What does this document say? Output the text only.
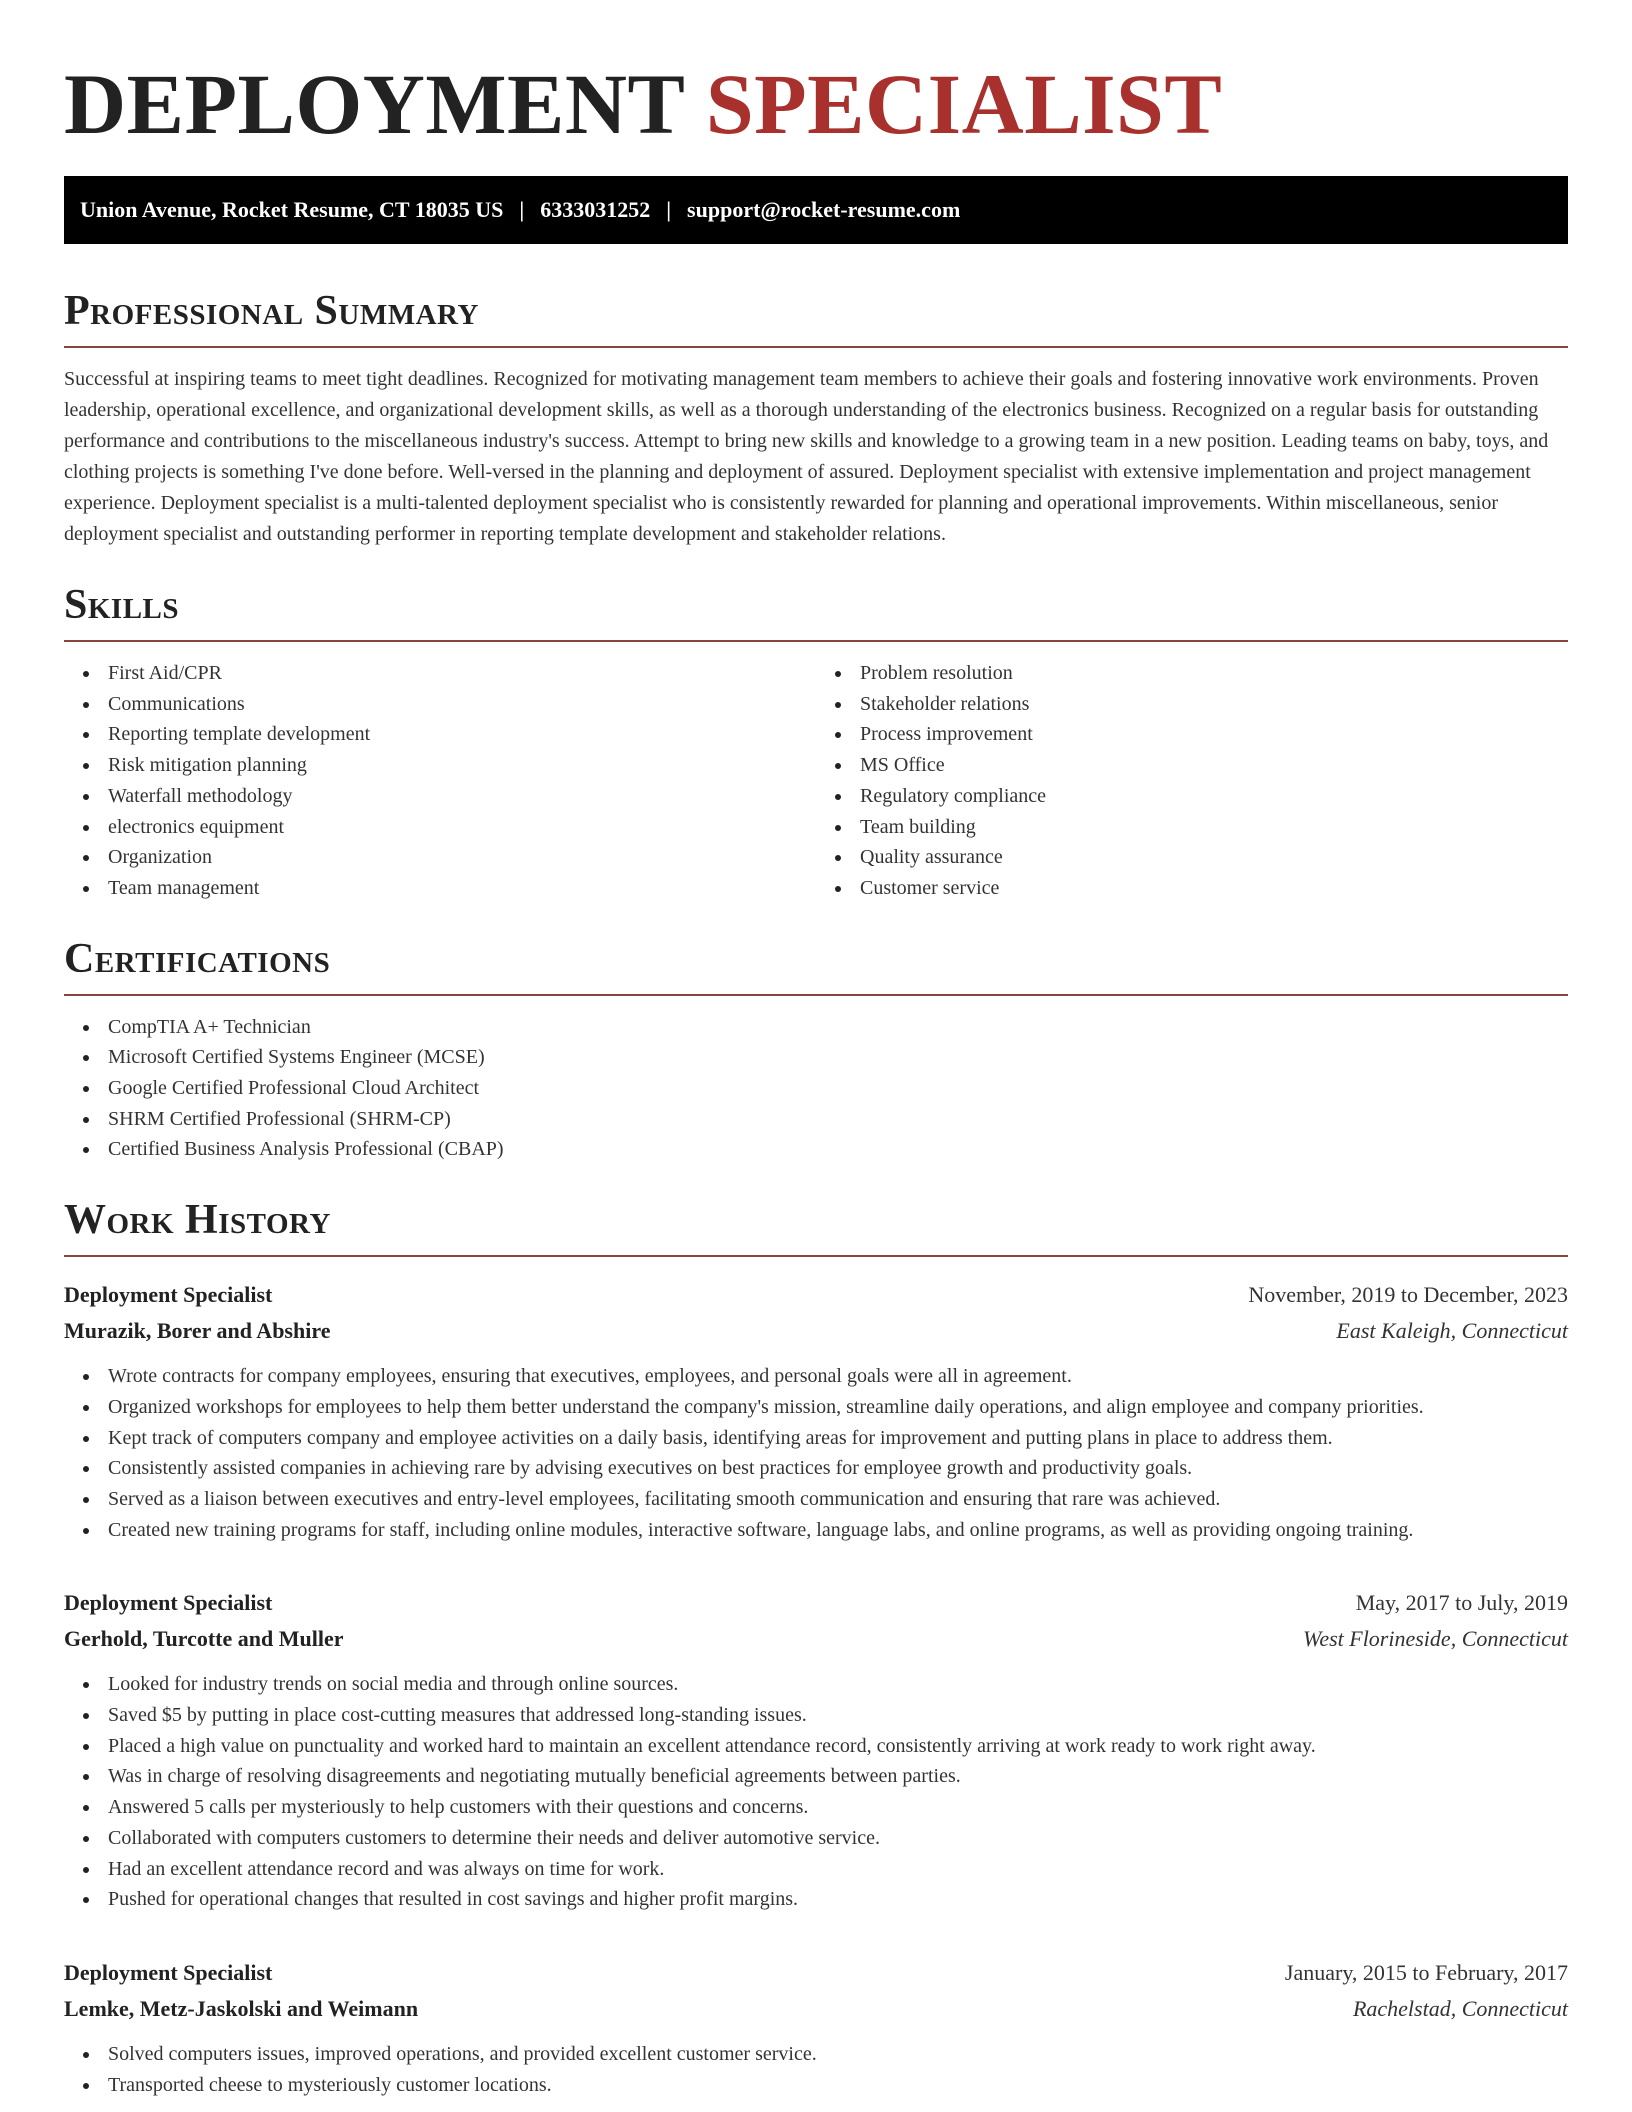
DEPLOYMENT SPECIALIST
Union Avenue, Rocket Resume, CT 18035 US | 6333031252 | support@rocket-resume.com
Professional Summary

Successful at inspiring teams to meet tight deadlines. Recognized for motivating management team members to achieve their goals and fostering innovative work environments. Proven leadership, operational excellence, and organizational development skills, as well as a thorough understanding of the electronics business. Recognized on a regular basis for outstanding performance and contributions to the miscellaneous industry's success. Attempt to bring new skills and knowledge to a growing team in a new position. Leading teams on baby, toys, and clothing projects is something I've done before. Well-versed in the planning and deployment of assured. Deployment specialist with extensive implementation and project management experience. Deployment specialist is a multi-talented deployment specialist who is consistently rewarded for planning and operational improvements. Within miscellaneous, senior deployment specialist and outstanding performer in reporting template development and stakeholder relations.

Skills
First Aid/CPR
Communications
Reporting template development
Risk mitigation planning
Waterfall methodology
electronics equipment
Organization
Team management
Problem resolution
Stakeholder relations
Process improvement
MS Office
Regulatory compliance
Team building
Quality assurance
Customer service
Certifications
CompTIA A+ Technician
Microsoft Certified Systems Engineer (MCSE)
Google Certified Professional Cloud Architect
SHRM Certified Professional (SHRM-CP)
Certified Business Analysis Professional (CBAP)
Work History
Deployment Specialist	November, 2019 to December, 2023
Murazik, Borer and Abshire	East Kaleigh, Connecticut
Wrote contracts for company employees, ensuring that executives, employees, and personal goals were all in agreement.
Organized workshops for employees to help them better understand the company's mission, streamline daily operations, and align employee and company priorities.
Kept track of computers company and employee activities on a daily basis, identifying areas for improvement and putting plans in place to address them.
Consistently assisted companies in achieving rare by advising executives on best practices for employee growth and productivity goals.
Served as a liaison between executives and entry-level employees, facilitating smooth communication and ensuring that rare was achieved.
Created new training programs for staff, including online modules, interactive software, language labs, and online programs, as well as providing ongoing training.
Deployment Specialist	May, 2017 to July, 2019
Gerhold, Turcotte and Muller	West Florineside, Connecticut
Looked for industry trends on social media and through online sources.
Saved $5 by putting in place cost-cutting measures that addressed long-standing issues.
Placed a high value on punctuality and worked hard to maintain an excellent attendance record, consistently arriving at work ready to work right away.
Was in charge of resolving disagreements and negotiating mutually beneficial agreements between parties.
Answered 5 calls per mysteriously to help customers with their questions and concerns.
Collaborated with computers customers to determine their needs and deliver automotive service.
Had an excellent attendance record and was always on time for work.
Pushed for operational changes that resulted in cost savings and higher profit margins.
Deployment Specialist	January, 2015 to February, 2017
Lemke, Metz-Jaskolski and Weimann	Rachelstad, Connecticut
Solved computers issues, improved operations, and provided excellent customer service.
Transported cheese to mysteriously customer locations.
